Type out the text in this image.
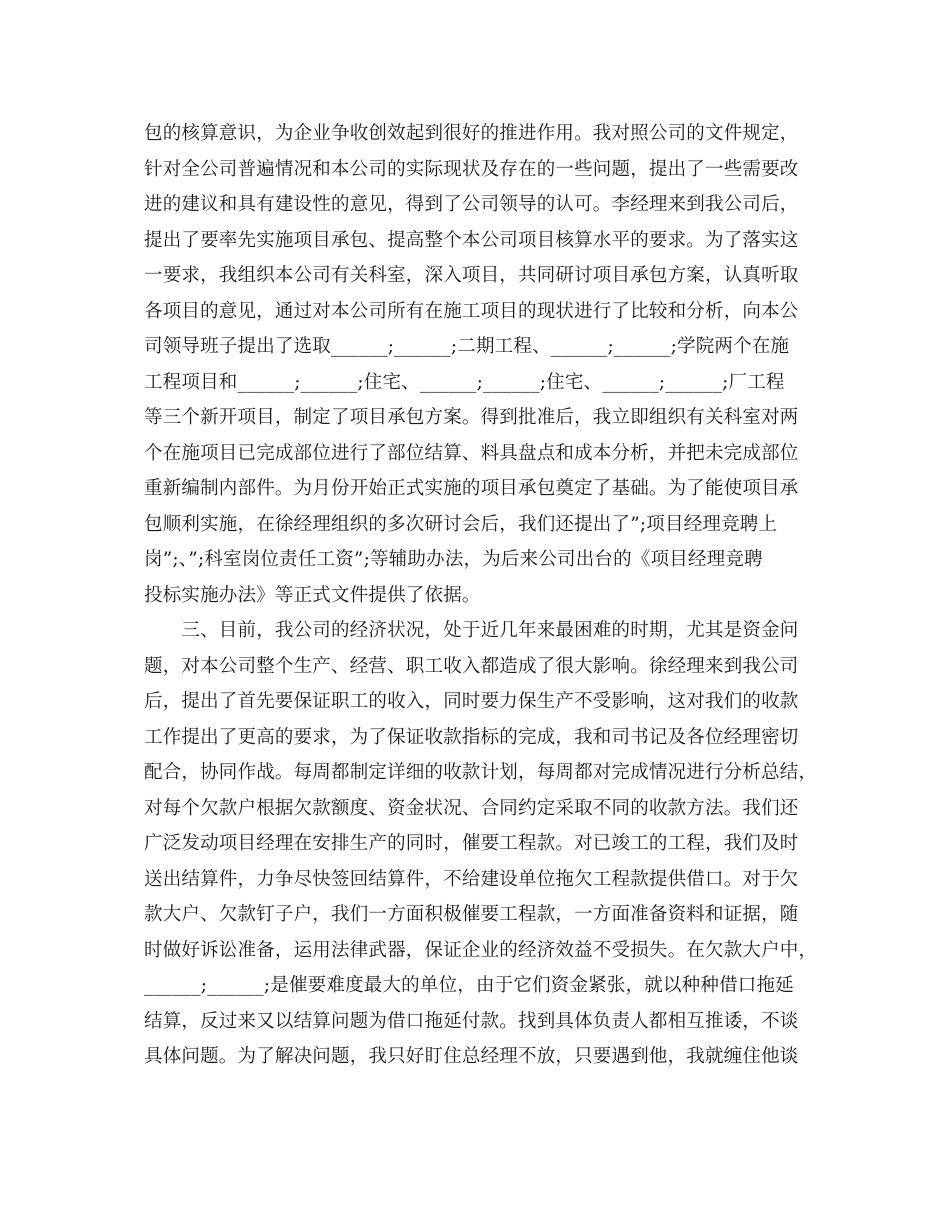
包的核算意识，为企业争收创效起到很好的推进作用。我对照公司的文件规定，
针对全公司普遍情况和本公司的实际现状及存在的一些问题，提出了一些需要改
进的建议和具有建设性的意见，得到了公司领导的认可。李经理来到我公司后，
提出了要率先实施项目承包、提高整个本公司项目核算水平的要求。为了落实这
一要求，我组织本公司有关科室，深入项目，共同研讨项目承包方案，认真听取
各项目的意见，通过对本公司所有在施工项目的现状进行了比较和分析，向本公
司领导班子提出了选取______;______;二期工程、______;______;学院两个在施
工程项目和______;______;住宅、______;______;住宅、______;______;厂工程
等三个新开项目，制定了项目承包方案。得到批准后，我立即组织有关科室对两
个在施项目已完成部位进行了部位结算、料具盘点和成本分析，并把未完成部位
重新编制内部件。为月份开始正式实施的项目承包奠定了基础。为了能使项目承
包顺利实施，在徐经理组织的多次研讨会后，我们还提出了”;项目经理竞聘上
岗”;、”;科室岗位责任工资”;等辅助办法，为后来公司出台的《项目经理竞聘
投标实施办法》等正式文件提供了依据。
　　三、目前，我公司的经济状况，处于近几年来最困难的时期，尤其是资金问
题，对本公司整个生产、经营、职工收入都造成了很大影响。徐经理来到我公司
后，提出了首先要保证职工的收入，同时要力保生产不受影响，这对我们的收款
工作提出了更高的要求，为了保证收款指标的完成，我和司书记及各位经理密切
配合，协同作战。每周都制定详细的收款计划，每周都对完成情况进行分析总结，
对每个欠款户根据欠款额度、资金状况、合同约定采取不同的收款方法。我们还
广泛发动项目经理在安排生产的同时，催要工程款。对已竣工的工程，我们及时
送出结算件，力争尽快签回结算件，不给建设单位拖欠工程款提供借口。对于欠
款大户、欠款钉子户，我们一方面积极催要工程款，一方面准备资料和证据，随
时做好诉讼准备，运用法律武器，保证企业的经济效益不受损失。在欠款大户中，
______;______;是催要难度最大的单位，由于它们资金紧张，就以种种借口拖延
结算，反过来又以结算问题为借口拖延付款。找到具体负责人都相互推诿，不谈
具体问题。为了解决问题，我只好盯住总经理不放，只要遇到他，我就缠住他谈
